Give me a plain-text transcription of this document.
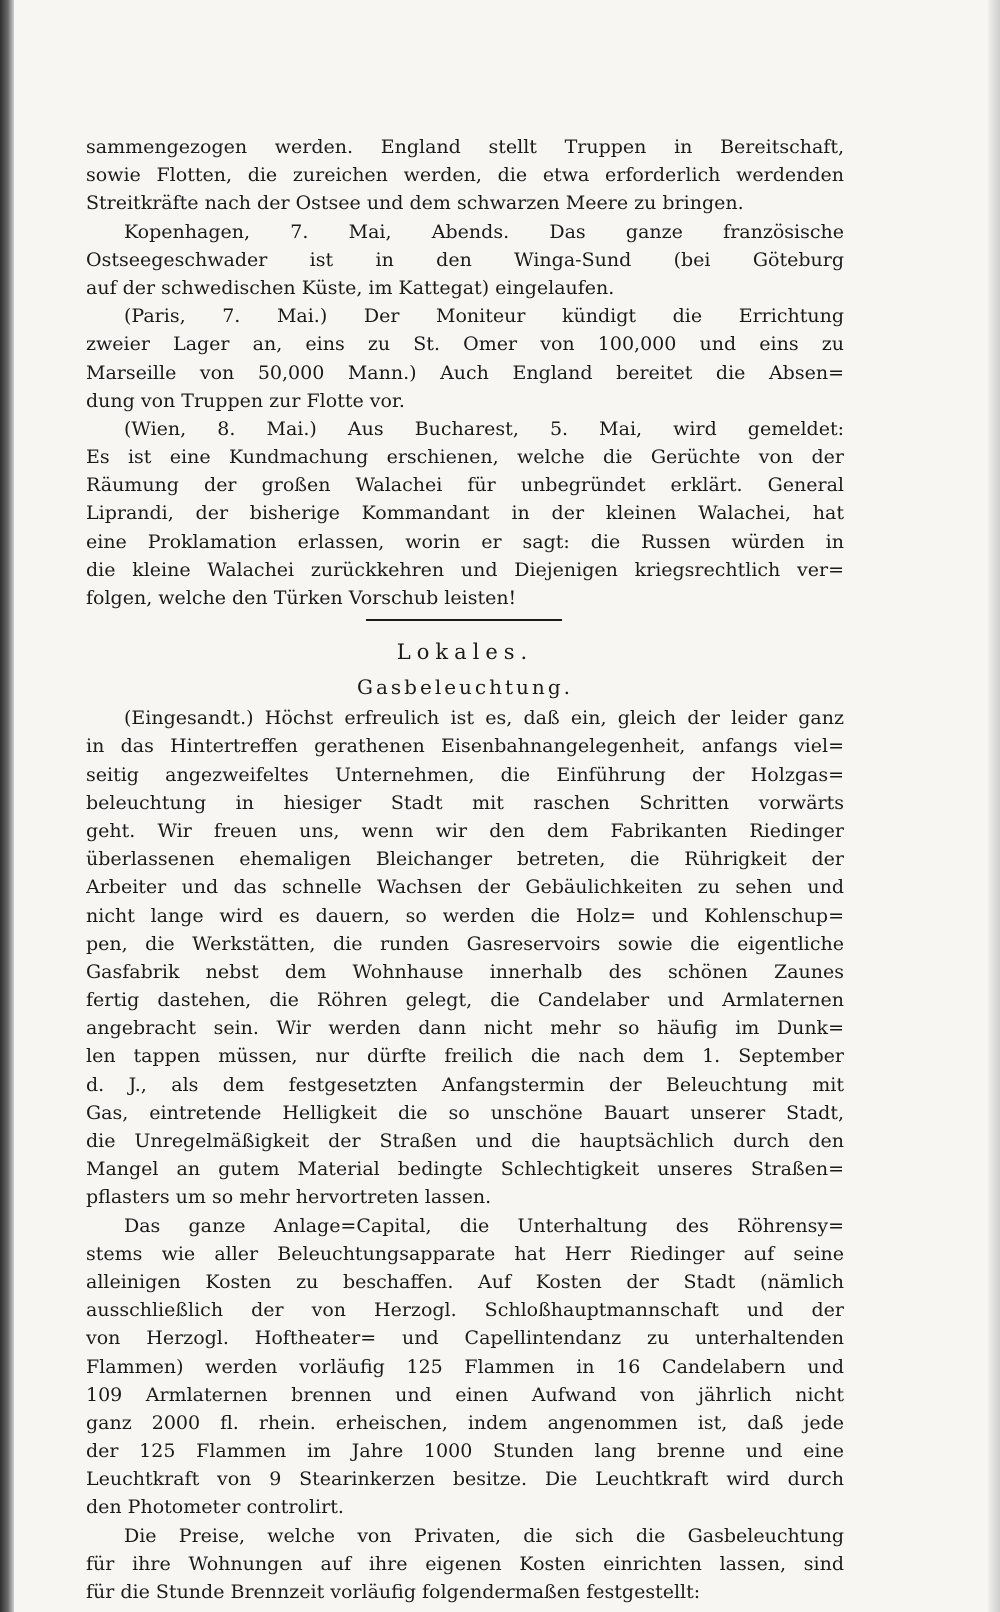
sammengezogen werden. England stellt Truppen in Bereitschaft,
sowie Flotten, die zureichen werden, die etwa erforderlich werdenden
Streitkräfte nach der Ostsee und dem schwarzen Meere zu bringen.
Kopenhagen, 7. Mai, Abends. Das ganze französische
Ostseegeschwader ist in den Winga-Sund (bei Göteburg
auf der schwedischen Küste, im Kattegat) eingelaufen.
(Paris, 7. Mai.) Der Moniteur kündigt die Errichtung
zweier Lager an, eins zu St. Omer von 100,000 und eins zu
Marseille von 50,000 Mann.) Auch England bereitet die Absen=
dung von Truppen zur Flotte vor.
(Wien, 8. Mai.) Aus Bucharest, 5. Mai, wird gemeldet:
Es ist eine Kundmachung erschienen, welche die Gerüchte von der
Räumung der großen Walachei für unbegründet erklärt. General
Liprandi, der bisherige Kommandant in der kleinen Walachei, hat
eine Proklamation erlassen, worin er sagt: die Russen würden in
die kleine Walachei zurückkehren und Diejenigen kriegsrechtlich ver=
folgen, welche den Türken Vorschub leisten!
Lokales.
Gasbeleuchtung.
(Eingesandt.) Höchst erfreulich ist es, daß ein, gleich der leider ganz
in das Hintertreffen gerathenen Eisenbahnangelegenheit, anfangs viel=
seitig angezweifeltes Unternehmen, die Einführung der Holzgas=
beleuchtung in hiesiger Stadt mit raschen Schritten vorwärts
geht. Wir freuen uns, wenn wir den dem Fabrikanten Riedinger
überlassenen ehemaligen Bleichanger betreten, die Rührigkeit der
Arbeiter und das schnelle Wachsen der Gebäulichkeiten zu sehen und
nicht lange wird es dauern, so werden die Holz= und Kohlenschup=
pen, die Werkstätten, die runden Gasreservoirs sowie die eigentliche
Gasfabrik nebst dem Wohnhause innerhalb des schönen Zaunes
fertig dastehen, die Röhren gelegt, die Candelaber und Armlaternen
angebracht sein. Wir werden dann nicht mehr so häufig im Dunk=
len tappen müssen, nur dürfte freilich die nach dem 1. September
d. J., als dem festgesetzten Anfangstermin der Beleuchtung mit
Gas, eintretende Helligkeit die so unschöne Bauart unserer Stadt,
die Unregelmäßigkeit der Straßen und die hauptsächlich durch den
Mangel an gutem Material bedingte Schlechtigkeit unseres Straßen=
pflasters um so mehr hervortreten lassen.
Das ganze Anlage=Capital, die Unterhaltung des Röhrensy=
stems wie aller Beleuchtungsapparate hat Herr Riedinger auf seine
alleinigen Kosten zu beschaffen. Auf Kosten der Stadt (nämlich
ausschließlich der von Herzogl. Schloßhauptmannschaft und der
von Herzogl. Hoftheater= und Capellintendanz zu unterhaltenden
Flammen) werden vorläufig 125 Flammen in 16 Candelabern und
109 Armlaternen brennen und einen Aufwand von jährlich nicht
ganz 2000 fl. rhein. erheischen, indem angenommen ist, daß jede
der 125 Flammen im Jahre 1000 Stunden lang brenne und eine
Leuchtkraft von 9 Stearinkerzen besitze. Die Leuchtkraft wird durch
den Photometer controlirt.
Die Preise, welche von Privaten, die sich die Gasbeleuchtung
für ihre Wohnungen auf ihre eigenen Kosten einrichten lassen, sind
für die Stunde Brennzeit vorläufig folgendermaßen festgestellt:
